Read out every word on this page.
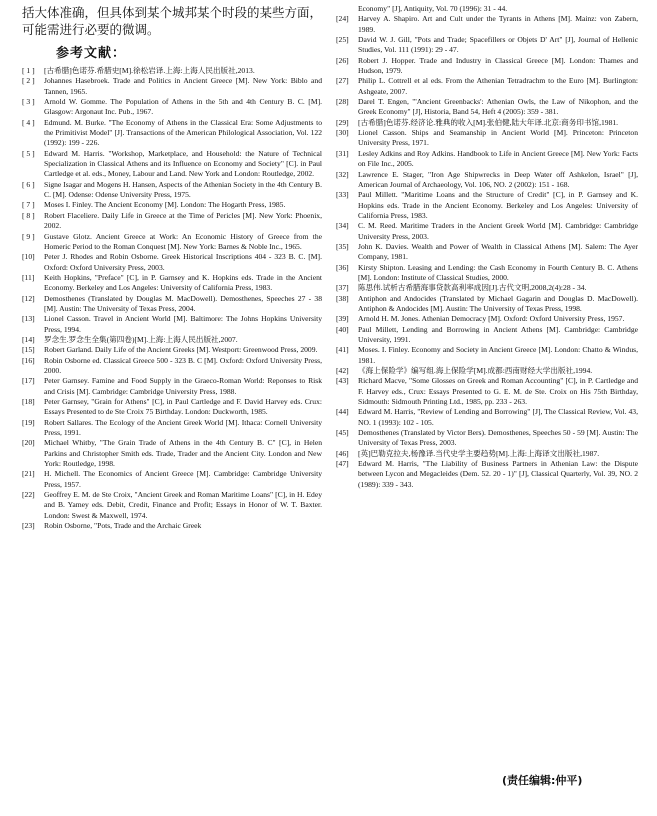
括大体准确，但具体到某个城邦某个时段的某些方面，可能需进行必要的微调。

参考文献：

[ 1 ] [古希腊]色诺芬.希腊史[M].徐松岩译.上海:上海人民出版社,2013.

[ 2 ] Johannes Hasebroek. Trade and Politics in Ancient Greece [M]. New York: Biblo and Tannen, 1965.

[ 3 ] Arnold W. Gomme. The Population of Athens in the 5th and 4th Century B. C. [M]. Glasgow: Argonaut Inc. Pub., 1967.

[ 4 ] Edmund. M. Burke. "The Economy of Athens in the Classical Era: Some Adjustments to the Primitivist Model" [J]. Transactions of the American Philological Association, Vol. 122 (1992): 199 - 226.

[ 5 ] Edward M. Harris. "Workshop, Marketplace, and Household: the Nature of Technical Specialization in Classical Athens and its Influence on Economy and Society" [C]. in Paul Cartledge et al. eds., Money, Labour and Land. New York and London: Routledge, 2002.

[ 6 ] Signe Isagar and Mogens H. Hansen, Aspects of the Athenian Society in the 4th Century B. C. [M]. Odense: Odense University Press, 1975.

[ 7 ] Moses I. Finley. The Ancient Economy [M]. London: The Hogarth Press, 1985.

[ 8 ] Robert Flaceliere. Daily Life in Greece at the Time of Pericles [M]. New York: Phoenix, 2002.

[ 9 ] Gustave Glotz. Ancient Greece at Work: An Economic History of Greece from the Homeric Period to the Roman Conquest [M]. New York: Barnes & Noble Inc., 1965.

[10] Peter J. Rhodes and Robin Osborne. Greek Historical Inscriptions 404 - 323 B. C. [M]. Oxford: Oxford University Press, 2003.

[11] Keith Hopkins, "Preface" [C], in P. Garnsey and K. Hopkins eds. Trade in the Ancient Economy. Berkeley and Los Angeles: University of California Press, 1983.

[12] Demosthenes (Translated by Douglas M. MacDowell). Demosthenes, Speeches 27 - 38 [M]. Austin: The University of Texas Press, 2004.

[13] Lionel Casson. Travel in Ancient World [M]. Baltimore: The Johns Hopkins University Press, 1994.

[14] 罗念生.罗念生全集(第四卷)[M].上海:上海人民出版社,2007.

[15] Robert Garland. Daily Life of the Ancient Greeks [M]. Westport: Greenwood Press, 2009.

[16] Robin Osborne ed. Classical Greece 500 - 323 B. C [M]. Oxford: Oxford University Press, 2000.

[17] Peter Garnsey. Famine and Food Supply in the Graeco-Roman World: Reponses to Risk and Crisis [M]. Cambridge: Cambridge University Press, 1988.

[18] Peter Garnsey, "Grain for Athens" [C], in Paul Cartledge and F. David Harvey eds. Crux: Essays Presented to de Ste Croix 75 Birthday. London: Duckworth, 1985.

[19] Robert Sallares. The Ecology of the Ancient Greek World [M]. Ithaca: Cornell University Press, 1991.

[20] Michael Whitby, "The Grain Trade of Athens in the 4th Century B. C" [C], in Helen Parkins and Christopher Smith eds. Trade, Trader and the Ancient City. London and New York: Routledge, 1998.

[21] H. Michell. The Economics of Ancient Greece [M]. Cambridge: Cambridge University Press, 1957.

[22] Geoffrey E. M. de Ste Croix, "Ancient Greek and Roman Maritime Loans" [C], in H. Edey and B. Yamey eds. Debit, Credit, Finance and Profit; Essays in Honor of W. T. Baxter. London: Swest & Maxwell, 1974.

[23] Robin Osborne, "Pots, Trade and the Archaic Greek

Economy" [J], Antiquity, Vol. 70 (1996): 31 - 44.

[24] Harvey A. Shapiro. Art and Cult under the Tyrants in Athens [M]. Mainz: von Zabern, 1989.

[25] David W. J. Gill, "Pots and Trade; Spacefillers or Objets D' Art" [J], Journal of Hellenic Studies, Vol. 111 (1991): 29 - 47.

[26] Robert J. Hopper. Trade and Industry in Classical Greece [M]. London: Thames and Hudson, 1979.

[27] Philip L. Cottrell et al eds. From the Athenian Tetradrachm to the Euro [M]. Burlington: Ashgeate, 2007.

[28] Darel T. Engen, "'Ancient Greenbacks': Athenian Owls, the Law of Nikophon, and the Greek Economy" [J], Historia, Band 54, Heft 4 (2005): 359 - 381.

[29] [古希腊]色诺芬.经济论.雅典的收入[M].张伯健,陆大年译.北京:商务印书馆,1981.

[30] Lionel Casson. Ships and Seamanship in Ancient World [M]. Princeton: Princeton University Press, 1971.

[31] Lesley Adkins and Roy Adkins. Handbook to Life in Ancient Greece [M]. New York: Facts on File Inc., 2005.

[32] Lawrence E. Stager, "Iron Age Shipwrecks in Deep Water off Ashkelon, Israel" [J], American Journal of Archaeology, Vol. 106, NO. 2 (2002): 151 - 168.

[33] Paul Millett. "Maritime Loans and the Structure of Credit" [C], in P. Garnsey and K. Hopkins eds. Trade in the Ancient Economy. Berkeley and Los Angeles: University of California Press, 1983.

[34] C. M. Reed. Maritime Traders in the Ancient Greek World [M]. Cambridge: Cambridge University Press, 2003.

[35] John K. Davies. Wealth and Power of Wealth in Classical Athens [M]. Salem: The Ayer Company, 1981.

[36] Kirsty Shipton. Leasing and Lending: the Cash Economy in Fourth Century B. C. Athens [M]. London: Institute of Classical Studies, 2000.

[37] 陈思伟.试析古希腊海事贷款高利率成因[J].古代文明,2008,2(4):28 - 34.

[38] Antiphon and Andocides (Translated by Michael Gagarin and Douglas D. MacDowell). Antiphon & Andocides [M]. Austin: The University of Texas Press, 1998.

[39] Arnold H. M. Jones. Athenian Democracy [M]. Oxford: Oxford University Press, 1957.

[40] Paul Millett, Lending and Borrowing in Ancient Athens [M]. Cambridge: Cambridge University, 1991.

[41] Moses. I. Finley. Economy and Society in Ancient Greece [M]. London: Chatto & Windus, 1981.

[42] 《海上保险学》编写组.海上保险学[M].成都:西南财经大学出版社,1994.

[43] Richard Macve, "Some Glosses on Greek and Roman Accounting" [C], in P. Cartledge and F. Harvey eds., Crux: Essays Presented to G. E. M. de Ste. Croix on His 75th Birthday, Sidmouth: Sidmouth Printing Ltd., 1985, pp. 233 - 263.

[44] Edward M. Harris, "Review of Lending and Borrowing" [J], The Classical Review, Vol. 43, NO. 1 (1993): 102 - 105.

[45] Demosthenes (Translated by Victor Bers). Demosthenes, Speeches 50 - 59 [M]. Austin: The University of Texas Press, 2003.

[46] [英]巴勒克拉夫,杨豫译.当代史学主要趋势[M].上海:上海译文出版社,1987.

[47] Edward M. Harris, "The Liability of Business Partners in Athenian Law: the Dispute between Lycon and Megacleides (Dem. 52. 20 - 1)" [J], Classical Quarterly, Vol. 39, NO. 2 (1989): 339 - 343.

(责任编辑:仲平)
